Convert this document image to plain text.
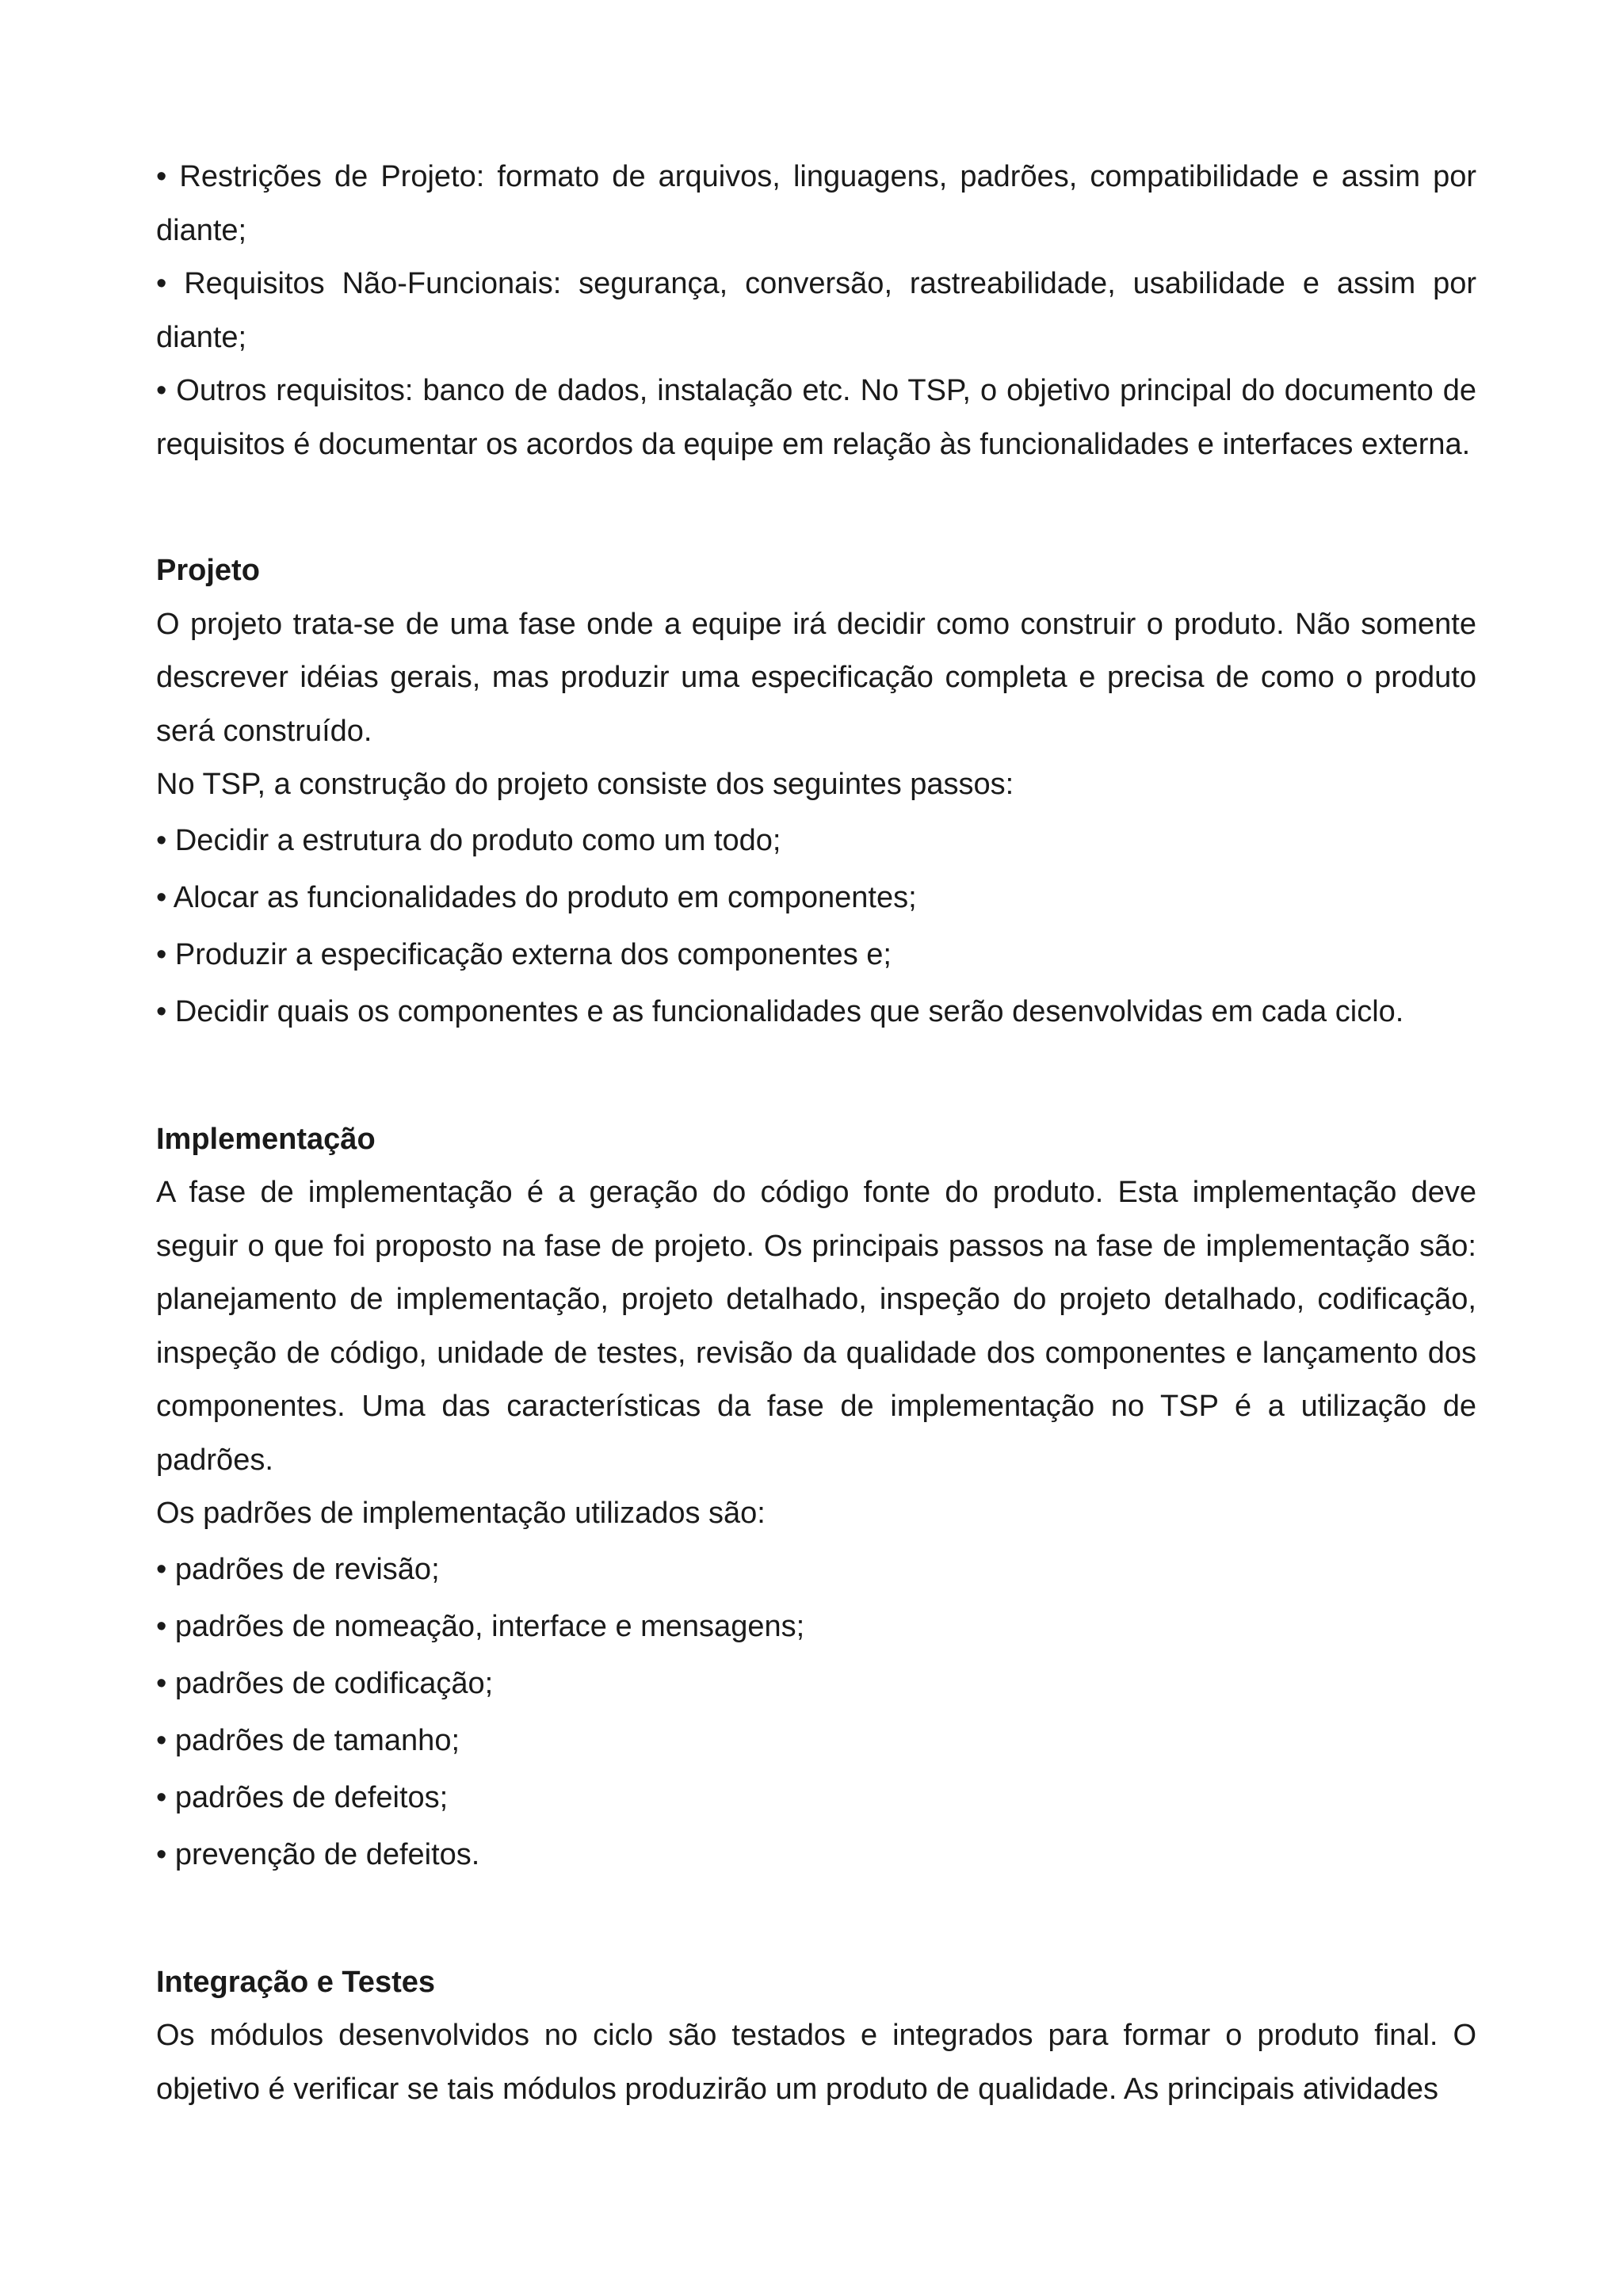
• Restrições de Projeto: formato de arquivos, linguagens, padrões, compatibilidade e assim por diante;

• Requisitos Não-Funcionais: segurança, conversão, rastreabilidade, usabilidade e assim por diante;

• Outros requisitos: banco de dados, instalação etc. No TSP, o objetivo principal do documento de requisitos é documentar os acordos da equipe em relação às funcionalidades e interfaces externa.

Projeto

O projeto trata-se de uma fase onde a equipe irá decidir como construir o produto. Não somente descrever idéias gerais, mas produzir uma especificação completa e precisa de como o produto será construído.

No TSP, a construção do projeto consiste dos seguintes passos:

• Decidir a estrutura do produto como um todo;

• Alocar as funcionalidades do produto em componentes;

• Produzir a especificação externa dos componentes e;

• Decidir quais os componentes e as funcionalidades que serão desenvolvidas em cada ciclo.

Implementação

A fase de implementação é a geração do código fonte do produto. Esta implementação deve seguir o que foi proposto na fase de projeto. Os principais passos na fase de implementação são: planejamento de implementação, projeto detalhado, inspeção do projeto detalhado, codificação, inspeção de código, unidade de testes, revisão da qualidade dos componentes e lançamento dos componentes. Uma das características da fase de implementação no TSP é a utilização de padrões.

Os padrões de implementação utilizados são:

• padrões de revisão;

• padrões de nomeação, interface e mensagens;

• padrões de codificação;

• padrões de tamanho;

• padrões de defeitos;

• prevenção de defeitos.

Integração e Testes

Os módulos desenvolvidos no ciclo são testados e integrados para formar o produto final. O objetivo é verificar se tais módulos produzirão um produto de qualidade. As principais atividades
